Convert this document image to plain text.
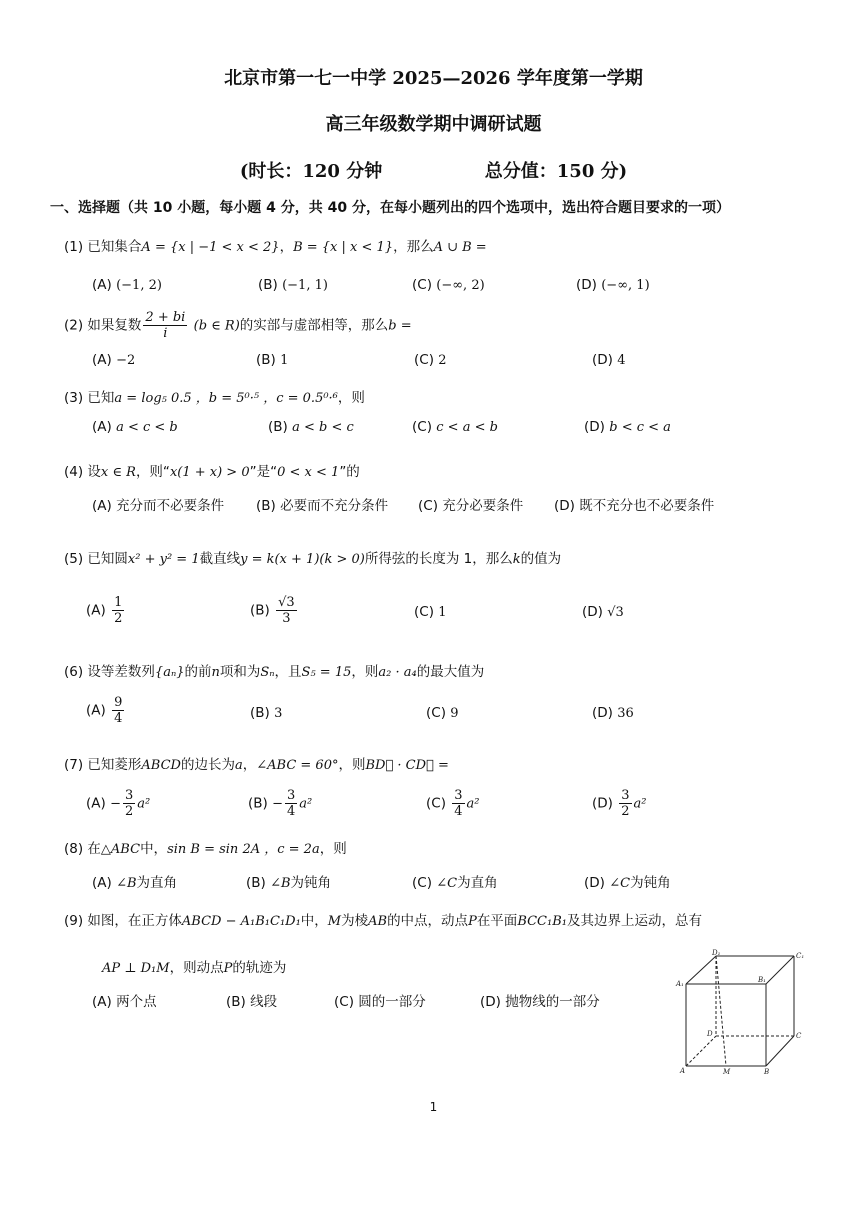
北京市第一七一中学 2025—2026 学年度第一学期
高三年级数学期中调研试题
(时长：120 分钟	总分值：150 分)
一、选择题（共 10 小题，每小题 4 分，共 40 分，在每小题列出的四个选项中，选出符合题目要求的一项）
(1) 已知集合A = {x | −1 < x < 2}，B = {x | x < 1}，那么A ∪ B =
(A) (−1, 2)	(B) (−1, 1)	(C) (−∞, 2)	(D) (−∞, 1)
(2) 如果复数 $\frac{2 + bi}{i} (b$ ∈ R)的实部与虚部相等，那么b =
(A) −2	(B) 1	(C) 2	(D) 4
(3) 已知a = log₅ 0.5 ，b = 5⁰·⁵ ，c = 0.5⁰·⁶，则
(A) a < c < b	(B) a < b < c	(C) c < a < b	(D) b < c < a
(4) 设x ∈ R，则“x(1 + x) > 0”是“0 < x < 1”的
(A) 充分而不必要条件 (B) 必要而不充分条件 (C) 充分必要条件 (D) 既不充分也不必要条件
(5) 已知圆x² + y² = 1截直线y = k(x + 1)(k > 0)所得弦的长度为 1，那么k的值为
$(A) \frac{1}{2}$	$(B) \frac{√3}{3}$	(C) 1	(D) √3
(6) 设等差数列{aₙ}的前n项和为Sₙ，且S₅ = 15，则a₂ · a₄的最大值为
$(A) \frac{9}{4}$	(B) 3	(C) 9	(D) 36
(7) 已知菱形ABCD的边长为a，∠ABC = 60°，则BD⃗ · CD⃗ =
$(A) - \frac{3}{2} a^2$	$(B) - \frac{3}{4} a^2$	$(C) \frac{3}{4} a^2$	$(D) \frac{3}{2} a^2$
(8) 在△ABC中，sin B = sin 2A ，c = 2a，则
(A) ∠B为直角	(B) ∠B为钝角	(C) ∠C为直角	(D) ∠C为钝角
(9) 如图，在正方体ABCD − A₁B₁C₁D₁中，M为棱AB的中点，动点P在平面BCC₁B₁及其边界上运动，总有
AP ⊥ D₁M，则动点P的轨迹为
(A) 两个点	(B) 线段	(C) 圆的一部分	(D) 抛物线的一部分
D₁	C₁
A₁	B₁
D	C
A	M	B
1
